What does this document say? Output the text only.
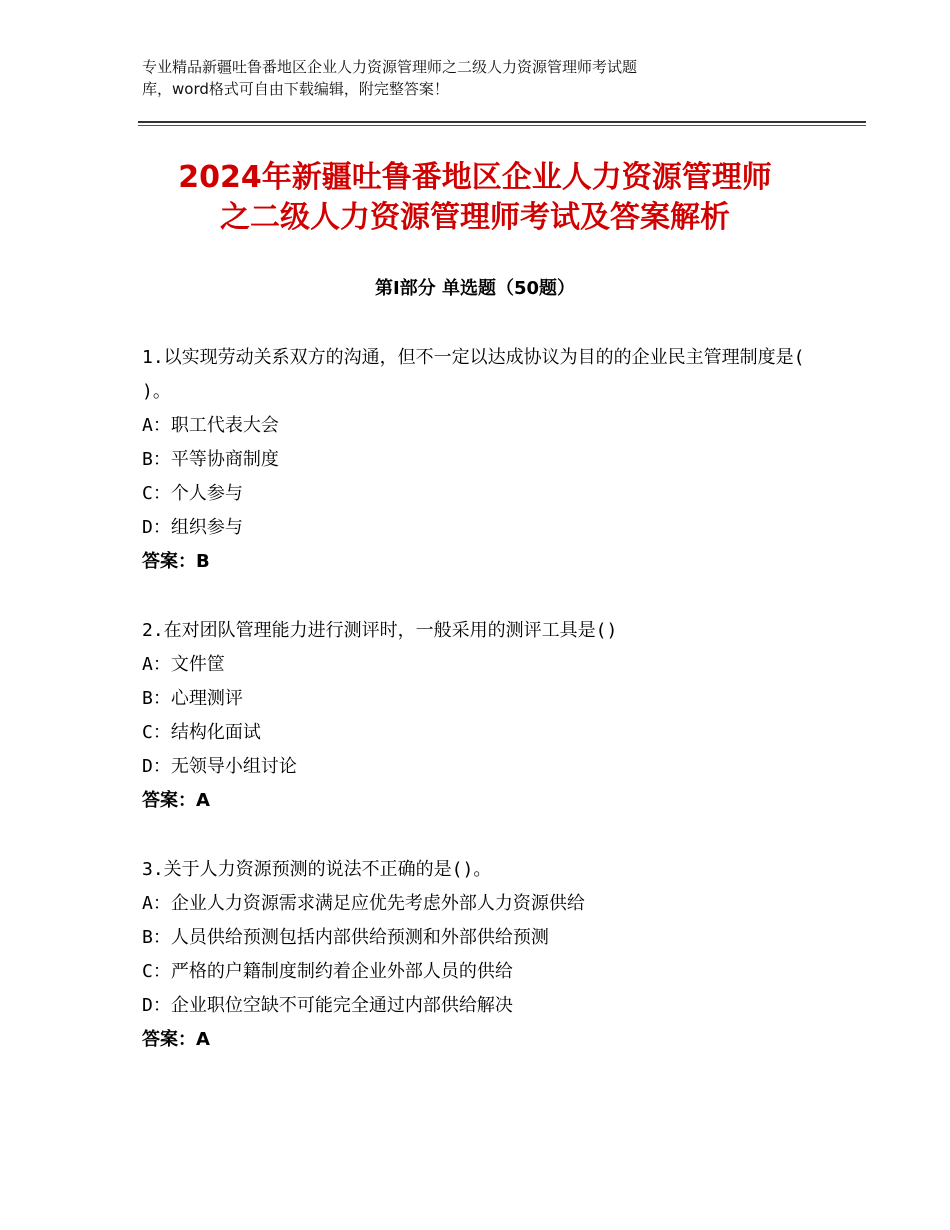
专业精品新疆吐鲁番地区企业人力资源管理师之二级人力资源管理师考试题
库，word格式可自由下载编辑，附完整答案！
2024年新疆吐鲁番地区企业人力资源管理师
之二级人力资源管理师考试及答案解析
第I部分 单选题（50题）
1.以实现劳动关系双方的沟通，但不一定以达成协议为目的的企业民主管理制度是( )。
A：职工代表大会
B：平等协商制度
C：个人参与
D：组织参与
答案：B
2.在对团队管理能力进行测评时，一般采用的测评工具是()
A：文件筐
B：心理测评
C：结构化面试
D：无领导小组讨论
答案：A
3.关于人力资源预测的说法不正确的是()。
A：企业人力资源需求满足应优先考虑外部人力资源供给
B：人员供给预测包括内部供给预测和外部供给预测
C：严格的户籍制度制约着企业外部人员的供给
D：企业职位空缺不可能完全通过内部供给解决
答案：A
